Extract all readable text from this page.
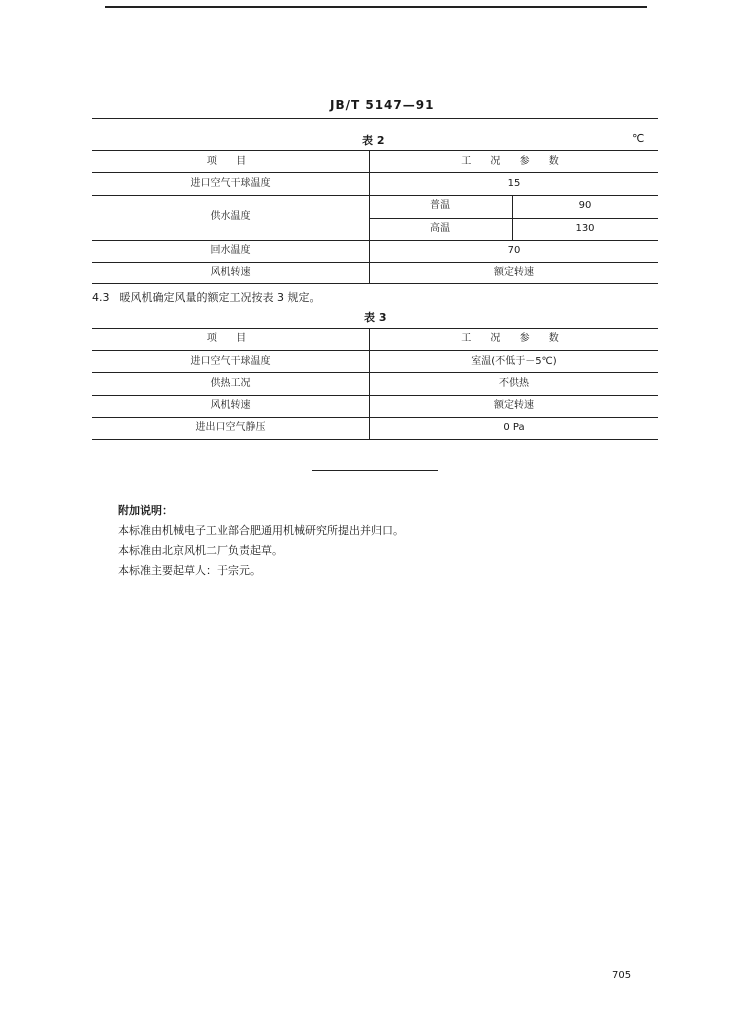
JB/T 5147—91
表 2	℃
项 目	工 况 参 数
进口空气干球温度	15
供水温度
普温	90
高温	130
回水温度	70
风机转速	额定转速
4.3 暖风机确定风量的额定工况按表 3 规定。
表 3
项 目	工 况 参 数
进口空气干球温度	室温(不低于－5℃)
供热工况	不供热
风机转速	额定转速
进出口空气静压	0 Pa
附加说明：
本标准由机械电子工业部合肥通用机械研究所提出并归口。
本标准由北京风机二厂负责起草。
本标准主要起草人：于宗元。
705
